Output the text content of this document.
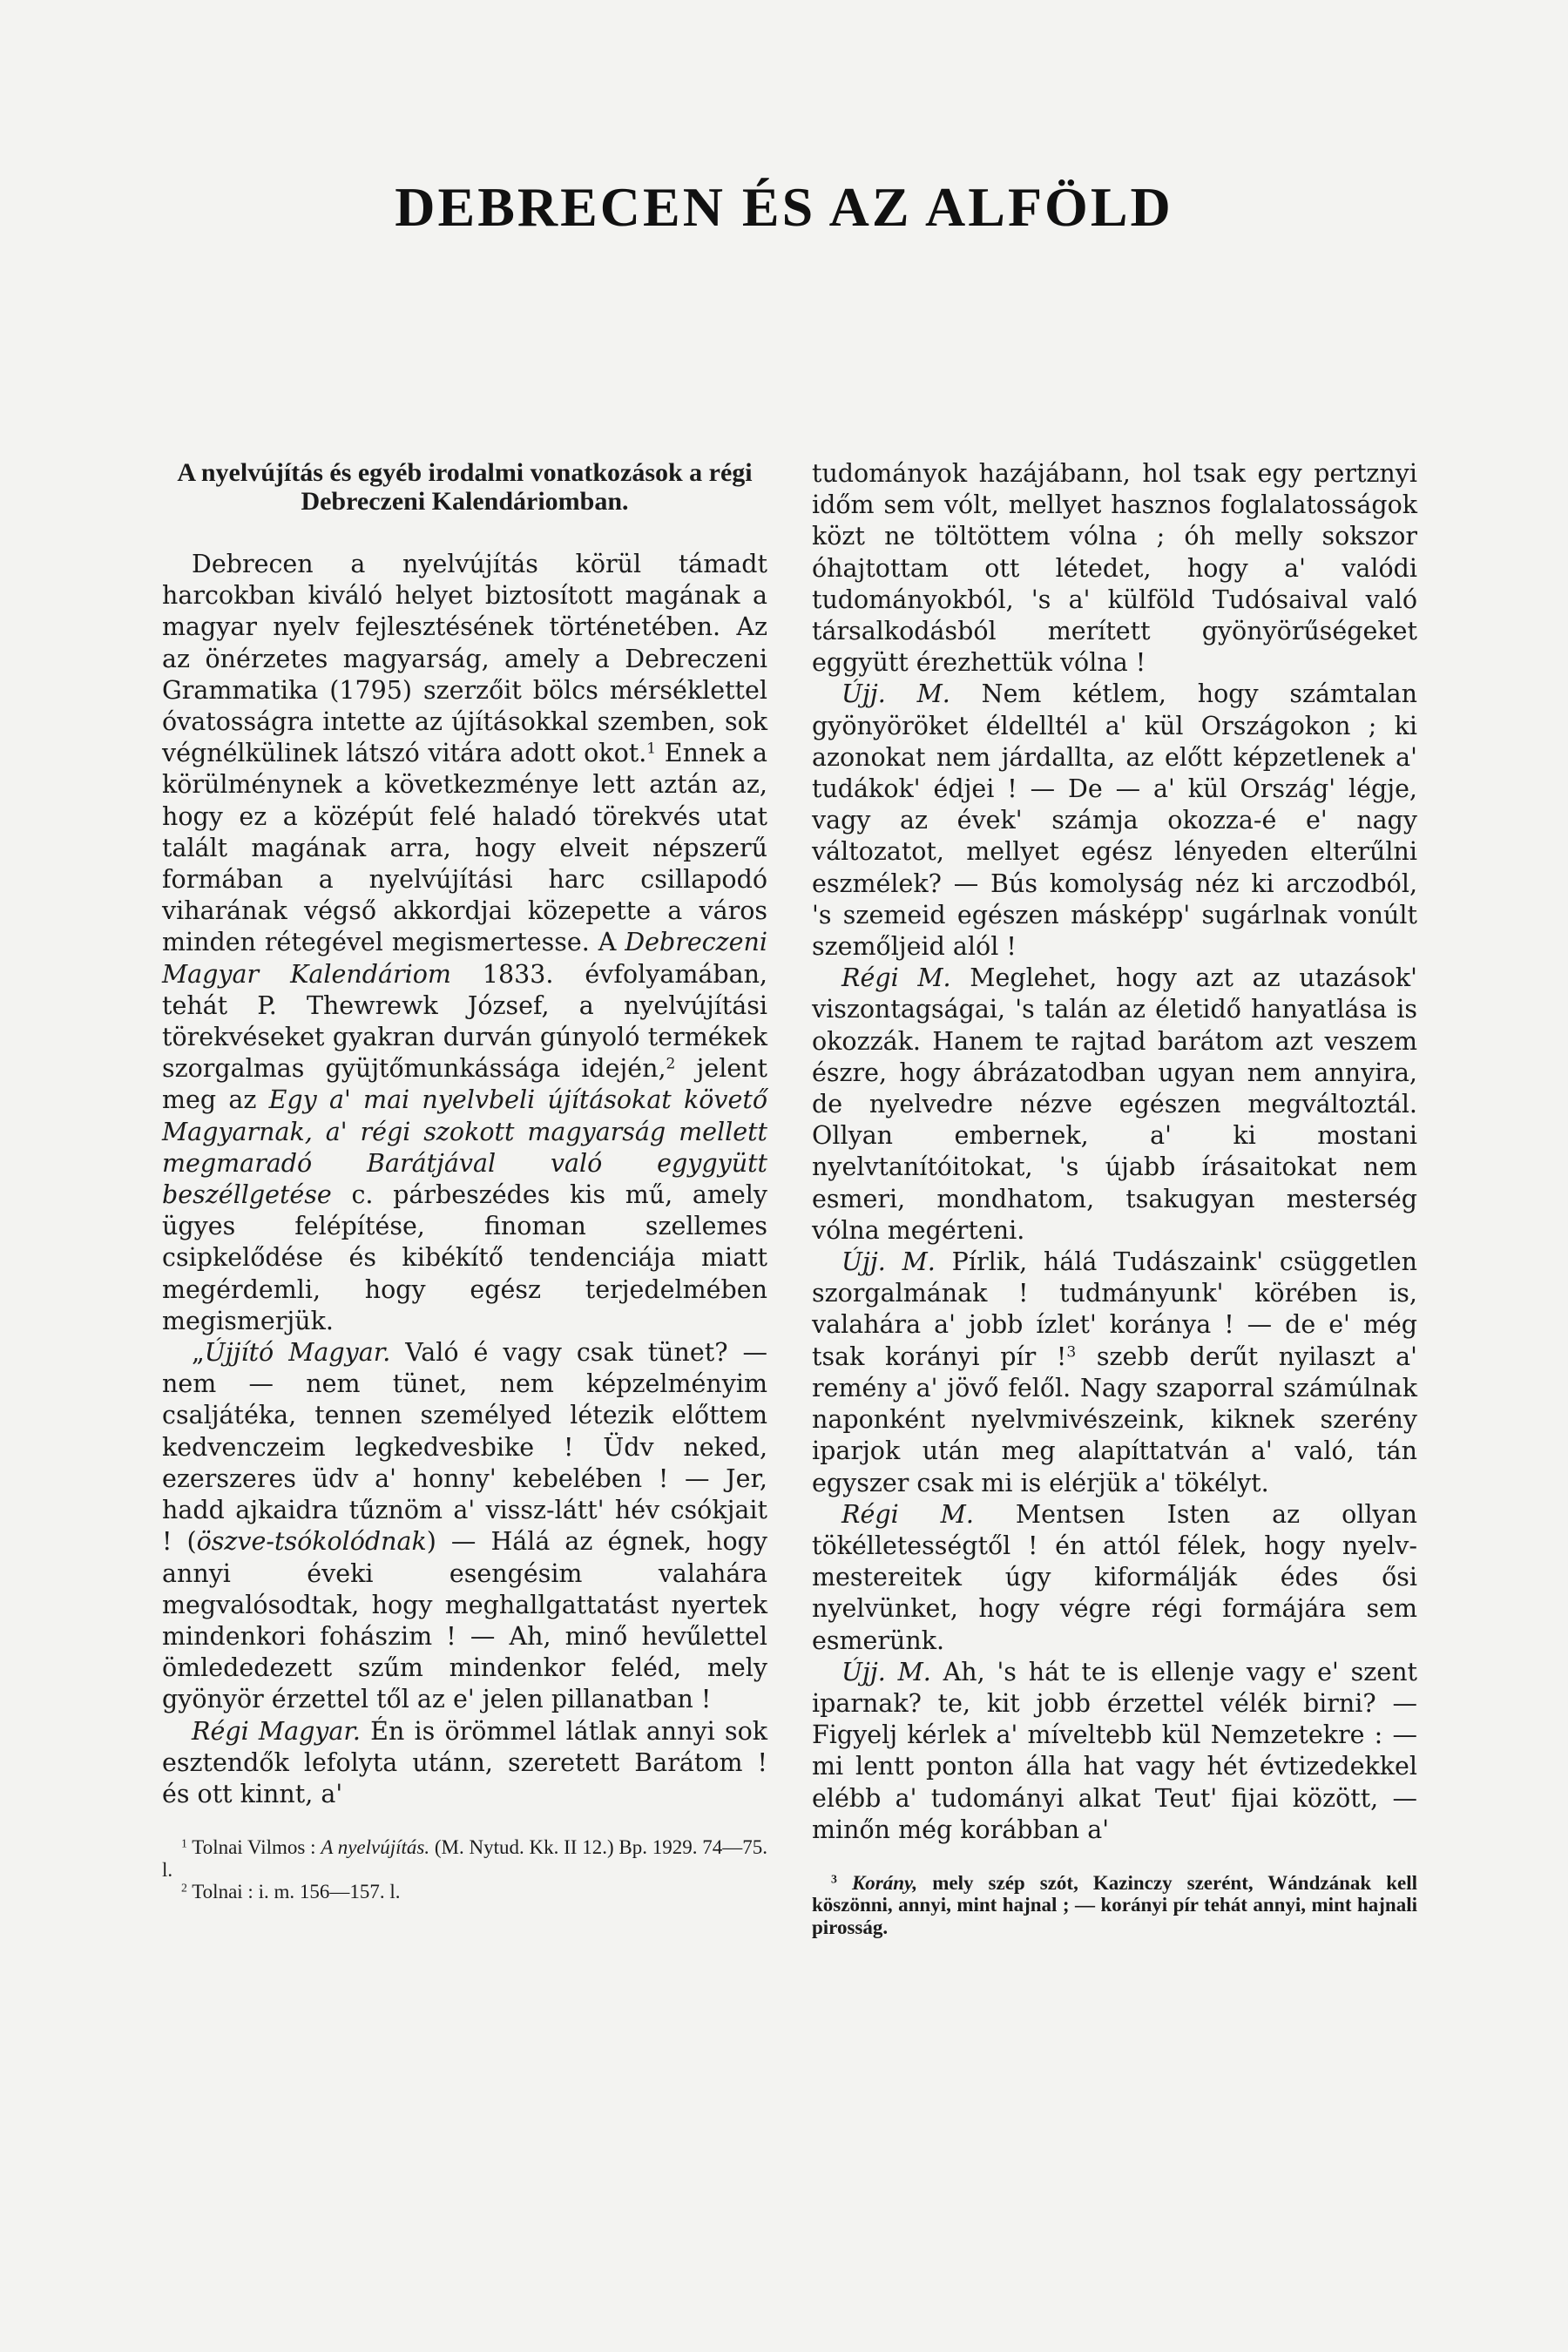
DEBRECEN ÉS AZ ALFÖLD
A nyelvújítás és egyéb irodalmi vonatkozások a régi Debreczeni Kalendáriomban.

Debrecen a nyelvújítás körül támadt harcokban kiváló helyet biztosított magának a magyar nyelv fejlesztésének történetében. Az az önérzetes magyarság, amely a Debreczeni Grammatika (1795) szerzőit bölcs mérséklettel óvatosságra intette az újításokkal szemben, sok végnélkülinek látszó vitára adott okot.$^1$ Ennek a körülménynek a következménye lett aztán az, hogy ez a középút felé haladó törekvés utat talált magának arra, hogy elveit népszerű formában a nyelvújítási harc csillapodó viharának végső akkordjai közepette a város minden rétegével megismertesse. A Debreczeni Magyar Kalendáriom 1833. évfolyamában, tehát P. Thewrewk József, a nyelvújítási törekvéseket gyakran durván gúnyoló termékek szorgalmas gyüjtőmunkássága idején,$^2$ jelent meg az Egy a' mai nyelvbeli újításokat követő Magyarnak, a' régi szokott magyarság mellett megmaradó Barátjával való egygyütt beszéllgetése c. párbeszédes kis mű, amely ügyes felépítése, finoman szellemes csipkelődése és kibékítő tendenciája miatt megérdemli, hogy egész terjedelmében megismerjük.

„Újjító Magyar. Való é vagy csak tünet? — nem — nem tünet, nem képzelményim csaljátéka, tennen személyed létezik előttem kedvenczeim legkedvesbike ! Üdv neked, ezerszeres üdv a' honny' kebelében ! — Jer, hadd ajkaidra tűznöm a' vissz-látt' hév csókjait ! (öszve-tsókolódnak) — Hálá az égnek, hogy annyi éveki esengésim valahára megvalósodtak, hogy meghallgattatást nyertek mindenkori fohászim ! — Ah, minő hevűlettel ömlededezett szűm mindenkor feléd, mely gyönyör érzettel től az e' jelen pillanatban !

Régi Magyar. Én is örömmel látlak annyi sok esztendők lefolyta utánn, szeretett Barátom ! és ott kinnt, a'

$^1$ Tolnai Vilmos : A nyelvújítás. (M. Nytud. Kk. II 12.) Bp. 1929. 74—75. l.

$^2$ Tolnai : i. m. 156—157. l.

tudományok hazájábann, hol tsak egy pertznyi időm sem vólt, mellyet hasznos foglalatosságok közt ne töltöttem vólna ; óh melly sokszor óhajtottam ott létedet, hogy a' valódi tudományokból, 's a' külföld Tudósaival való társalkodásból merített gyönyörűségeket eggyütt érezhettük vólna !

Újj. M. Nem kétlem, hogy számtalan gyönyöröket éldelltél a' kül Országokon ; ki azonokat nem járdallta, az előtt képzetlenek a' tudákok' édjei ! — De — a' kül Ország' légje, vagy az évek' számja okozza-é e' nagy változatot, mellyet egész lényeden elterűlni eszmélek? — Bús komolyság néz ki arczodból, 's szemeid egészen másképp' sugárlnak vonúlt szemőljeid alól !

Régi M. Meglehet, hogy azt az utazások' viszontagságai, 's talán az életidő hanyatlása is okozzák. Hanem te rajtad barátom azt veszem észre, hogy ábrázatodban ugyan nem annyira, de nyelvedre nézve egészen megváltoztál. Ollyan embernek, a' ki mostani nyelvtanítóitokat, 's újabb írásaitokat nem esmeri, mondhatom, tsakugyan mesterség vólna megérteni.

Újj. M. Pírlik, hálá Tudászaink' csüggetlen szorgalmának ! tudmányunk' körében is, valahára a' jobb ízlet' koránya ! — de e' még tsak korányi pír !$^3$ szebb derűt nyilaszt a' remény a' jövő felől. Nagy szaporral számúlnak naponként nyelvmivészeink, kiknek szerény iparjok után meg alapíttatván a' való, tán egyszer csak mi is elérjük a' tökélyt.

Régi M. Mentsen Isten az ollyan tökélletességtől ! én attól félek, hogy nyelv-mestereitek úgy kiformálják édes ősi nyelvünket, hogy végre régi formájára sem esmerünk.

Újj. M. Ah, 's hát te is ellenje vagy e' szent iparnak? te, kit jobb érzettel vélék birni? — Figyelj kérlek a' míveltebb kül Nemzetekre : — mi lentt ponton álla hat vagy hét évtizedekkel elébb a' tudományi alkat Teut' fijai között, — minőn még korábban a'

$^3$ Korány, mely szép szót, Kazinczy szerént, Wándzának kell köszönni, annyi, mint hajnal ; — korányi pír tehát annyi, mint hajnali pirosság.
